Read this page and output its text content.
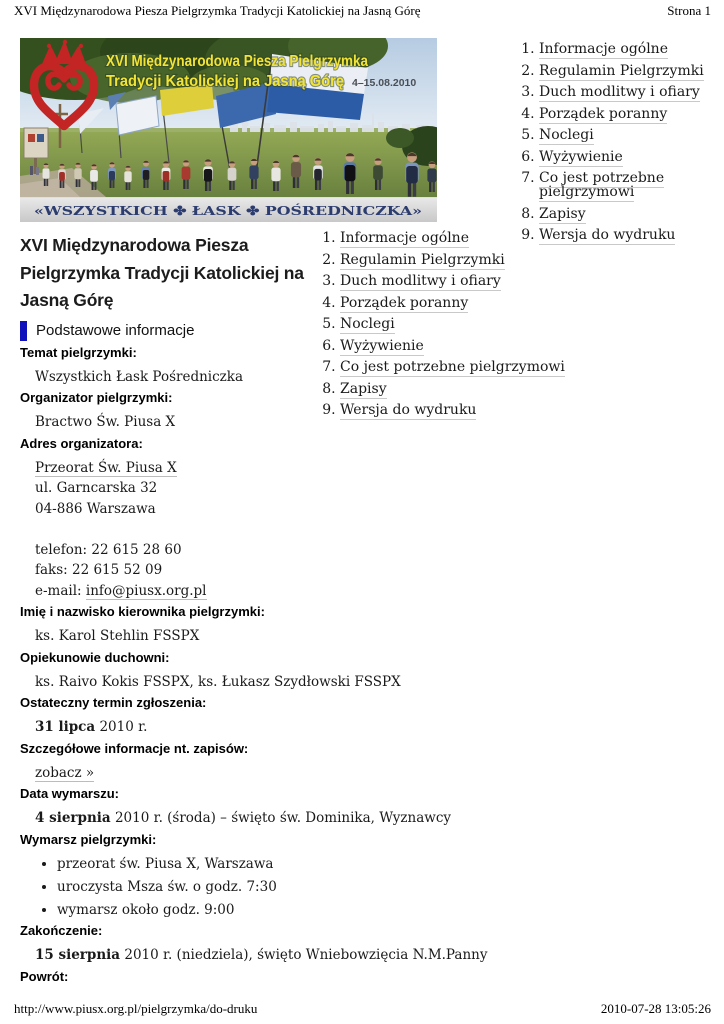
XVI Międzynarodowa Piesza Pielgrzymka Tradycji Katolickiej na Jasną Górę	Strona 1
XVI Międzynarodowa Piesza Pielgrzymka
Tradycji Katolickiej na Jasną Górę 4–15.08.2010
«WSZYSTKICH ✤ ŁASK ✤ POŚREDNICZKA»
1. Informacje ogólne
2. Regulamin Pielgrzymki
3. Duch modlitwy i ofiary
4. Porządek poranny
5. Noclegi
6. Wyżywienie
7. Co jest potrzebne pielgrzymowi
8. Zapisy
9. Wersja do wydruku
1. Informacje ogólne
2. Regulamin Pielgrzymki
3. Duch modlitwy i ofiary
4. Porządek poranny
5. Noclegi
6. Wyżywienie
7. Co jest potrzebne pielgrzymowi
8. Zapisy
9. Wersja do wydruku
XVI Międzynarodowa Piesza
Pielgrzymka Tradycji Katolickiej na
Jasną Górę
Podstawowe informacje
Temat pielgrzymki:
Wszystkich Łask Pośredniczka
Organizator pielgrzymki:
Bractwo Św. Piusa X
Adres organizatora:
Przeorat Św. Piusa X
ul. Garncarska 32
04-886 Warszawa
telefon: 22 615 28 60
faks: 22 615 52 09
e-mail: info@piusx.org.pl
Imię i nazwisko kierownika pielgrzymki:
ks. Karol Stehlin FSSPX
Opiekunowie duchowni:
ks. Raivo Kokis FSSPX, ks. Łukasz Szydłowski FSSPX
Ostateczny termin zgłoszenia:
31 lipca 2010 r.
Szczegółowe informacje nt. zapisów:
zobacz »
Data wymarszu:
4 sierpnia 2010 r. (środa) – święto św. Dominika, Wyznawcy
Wymarsz pielgrzymki:
• przeorat św. Piusa X, Warszawa
• uroczysta Msza św. o godz. 7:30
• wymarsz około godz. 9:00
Zakończenie:
15 sierpnia 2010 r. (niedziela), święto Wniebowzięcia N.M.Panny
Powrót:
http://www.piusx.org.pl/pielgrzymka/do-druku	2010-07-28 13:05:26
